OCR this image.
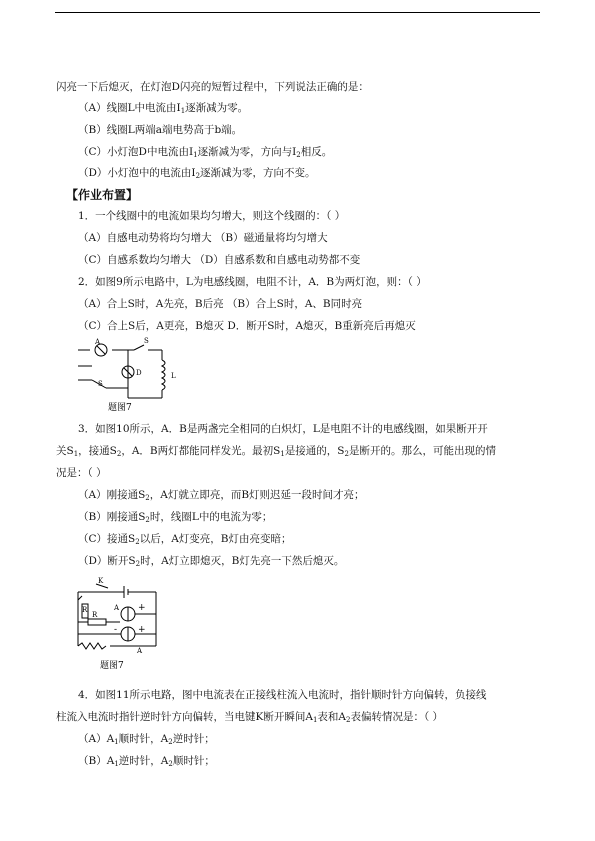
闪亮一下后熄灭，在灯泡D闪亮的短暂过程中，下列说法正确的是：
（A）线圈L中电流由$I_1$逐渐减为零。
（B）线圈L两端a端电势高于b端。
（C）小灯泡D中电流由$I_1$逐渐减为零，方向与$I_2$相反。
（D）小灯泡中的电流由$I_2$逐渐减为零，方向不变。
【作业布置】
1．一个线圈中的电流如果均匀增大，则这个线圈的：（ ）
（A）自感电动势将均匀增大 （B）磁通量将均匀增大
（C）自感系数均匀增大 （D）自感系数和自感电动势都不变
2．如图9所示电路中，L为电感线圈，电阻不计，A．B为两灯泡，则：（ ）
（A）合上S时，A先亮，B后亮 （B）合上S时，A、B同时亮
（C）合上S后，A更亮，B熄灭 D．断开S时，A熄灭，B重新亮后再熄灭
A
D
S
S
L
题图7
3．如图10所示，A．B是两盏完全相同的白炽灯，L是电阻不计的电感线圈，如果断开开
关$S_1$，接通$S_2$，A．B两灯都能同样发光。最初$S_1$是接通的，$S_2$是断开的。那么，可能出现的情
况是：（ ）
（A）刚接通$S_2$，A灯就立即亮，而B灯则迟延一段时间才亮；
（B）刚接通$S_2$时，线圈L中的电流为零；
（C）接通$S_2$以后，A灯变亮，B灯由亮变暗；
（D）断开$S_2$时，A灯立即熄灭，B灯先亮一下然后熄灭。
K
R
R
A
A
+
+
-
题图7
4．如图11所示电路，图中电流表在正接线柱流入电流时，指针顺时针方向偏转，负接线
柱流入电流时指针逆时针方向偏转，当电键K断开瞬间$A_1$表和$A_2$表偏转情况是：（ ）
$(A)A_1$顺时针，$A_2$逆时针；
$(B)A_1$逆时针，$A_2$顺时针；
